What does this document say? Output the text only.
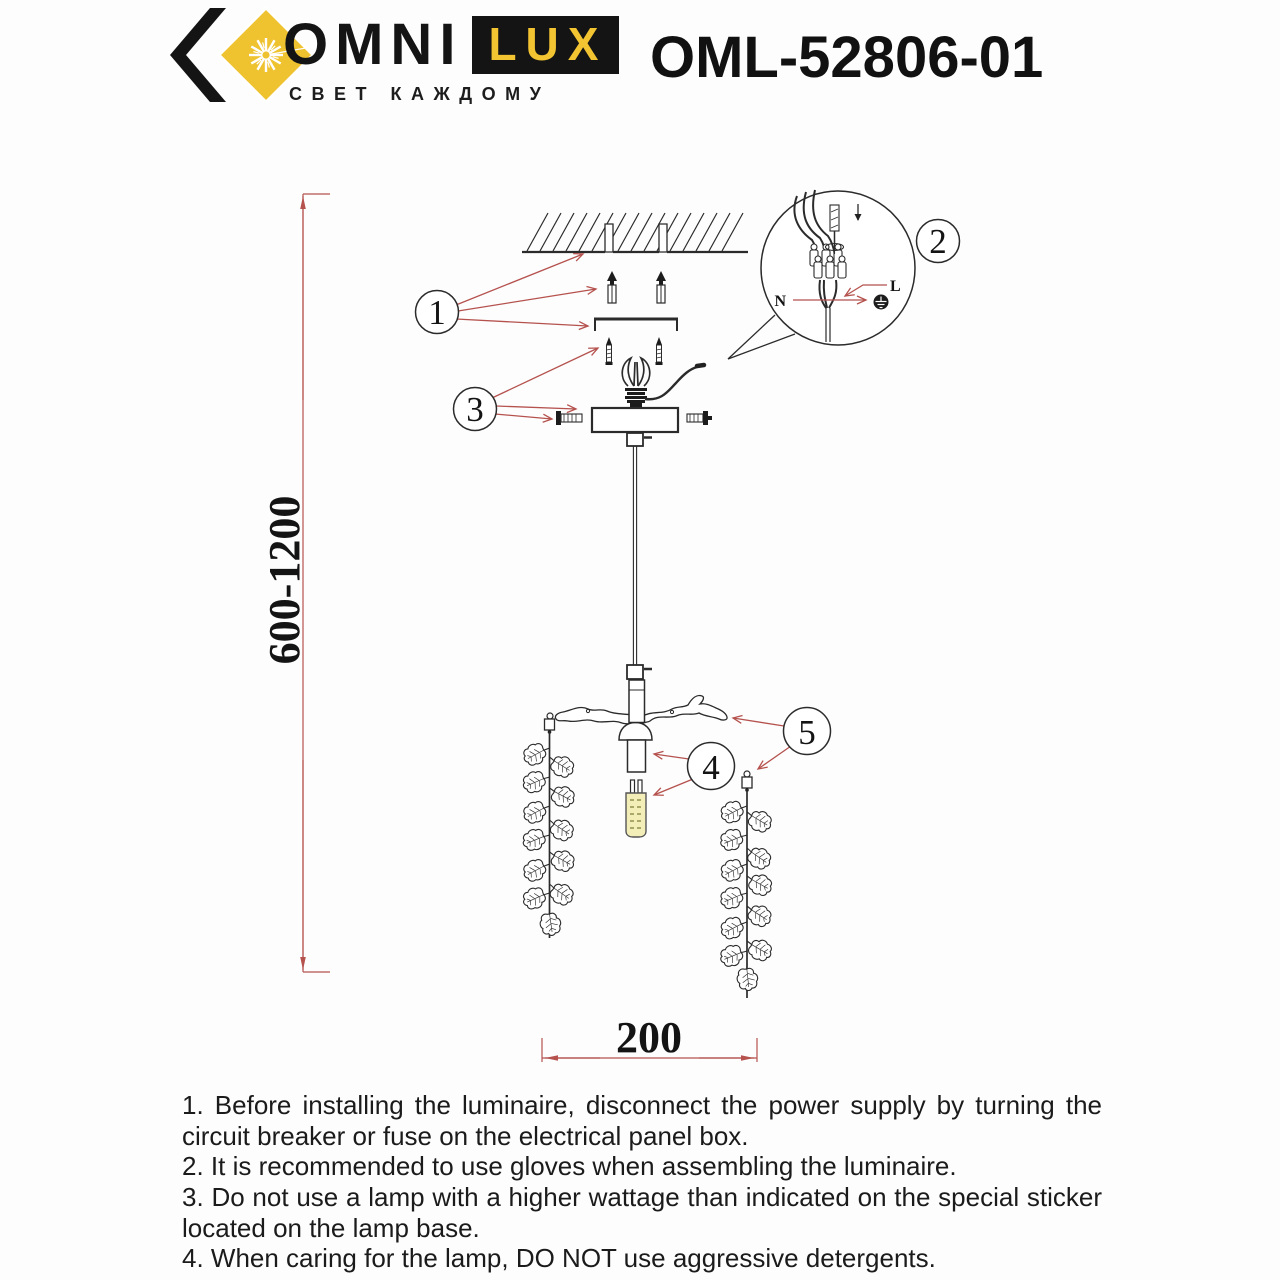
OMNI LUX
СВЕТ КАЖДОМУ
OML-52806-01
N
L
600-1200
200
1
2
3
4
5

1. Before installing the luminaire, disconnect the power supply by turning the circuit breaker or fuse on the electrical panel box.

2. It is recommended to use gloves when assembling the luminaire.

3. Do not use a lamp with a higher wattage than indicated on the special sticker located on the lamp base.

4. When caring for the lamp, DO NOT use aggressive detergents.
